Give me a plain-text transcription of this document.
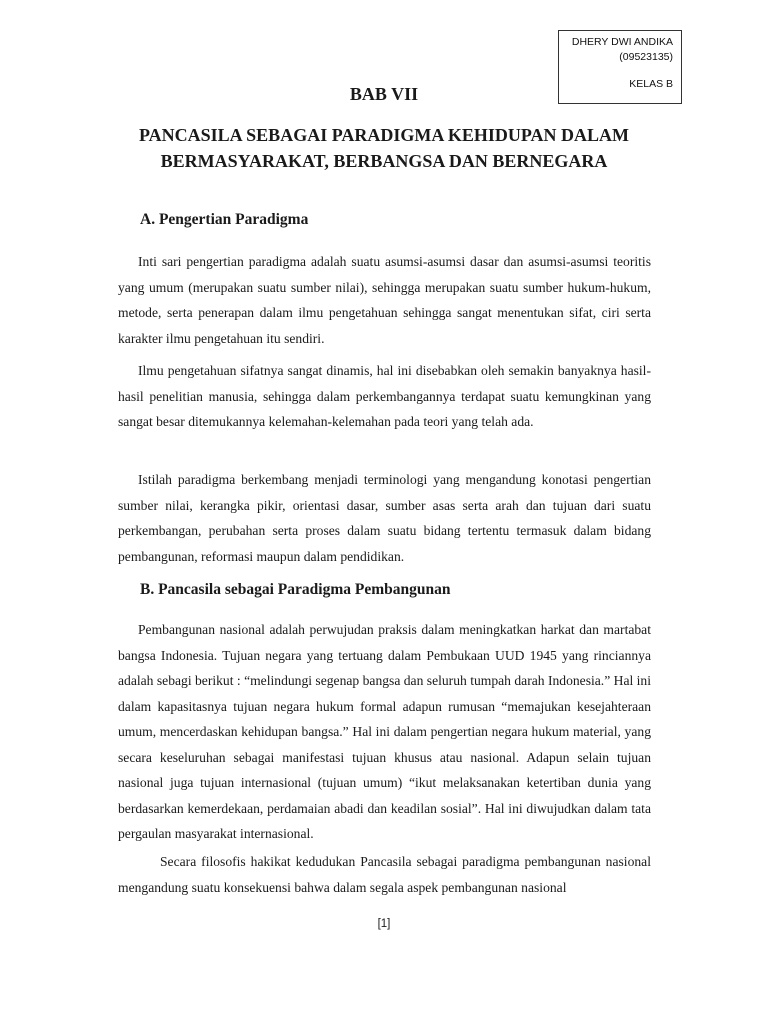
DHERY DWI ANDIKA
(09523135)
KELAS B
BAB VII
PANCASILA SEBAGAI PARADIGMA KEHIDUPAN DALAM
BERMASYARAKAT, BERBANGSA DAN BERNEGARA
A. Pengertian Paradigma

Inti sari pengertian paradigma adalah suatu asumsi-asumsi dasar dan asumsi-asumsi teoritis yang umum (merupakan suatu sumber nilai), sehingga merupakan suatu sumber hukum-hukum, metode, serta penerapan dalam ilmu pengetahuan sehingga sangat menentukan sifat, ciri serta karakter ilmu pengetahuan itu sendiri.

Ilmu pengetahuan sifatnya sangat dinamis, hal ini disebabkan oleh semakin banyaknya hasil-hasil penelitian manusia, sehingga dalam perkembangannya terdapat suatu kemungkinan yang sangat besar ditemukannya kelemahan-kelemahan pada teori yang telah ada.

Istilah paradigma berkembang menjadi terminologi yang mengandung konotasi pengertian sumber nilai, kerangka pikir, orientasi dasar, sumber asas serta arah dan tujuan dari suatu perkembangan, perubahan serta proses dalam suatu bidang tertentu termasuk dalam bidang pembangunan, reformasi maupun dalam pendidikan.

B. Pancasila sebagai Paradigma Pembangunan

Pembangunan nasional adalah perwujudan praksis dalam meningkatkan harkat dan martabat bangsa Indonesia. Tujuan negara yang tertuang dalam Pembukaan UUD 1945 yang rinciannya adalah sebagi berikut : “melindungi segenap bangsa dan seluruh tumpah darah Indonesia.” Hal ini dalam kapasitasnya tujuan negara hukum formal adapun rumusan “memajukan kesejahteraan umum, mencerdaskan kehidupan bangsa.” Hal ini dalam pengertian negara hukum material, yang secara keseluruhan sebagai manifestasi tujuan khusus atau nasional. Adapun selain tujuan nasional juga tujuan internasional (tujuan umum) “ikut melaksanakan ketertiban dunia yang berdasarkan kemerdekaan, perdamaian abadi dan keadilan sosial”. Hal ini diwujudkan dalam tata pergaulan masyarakat internasional.

Secara filosofis hakikat kedudukan Pancasila sebagai paradigma pembangunan nasional mengandung suatu konsekuensi bahwa dalam segala aspek pembangunan nasional

[1]
